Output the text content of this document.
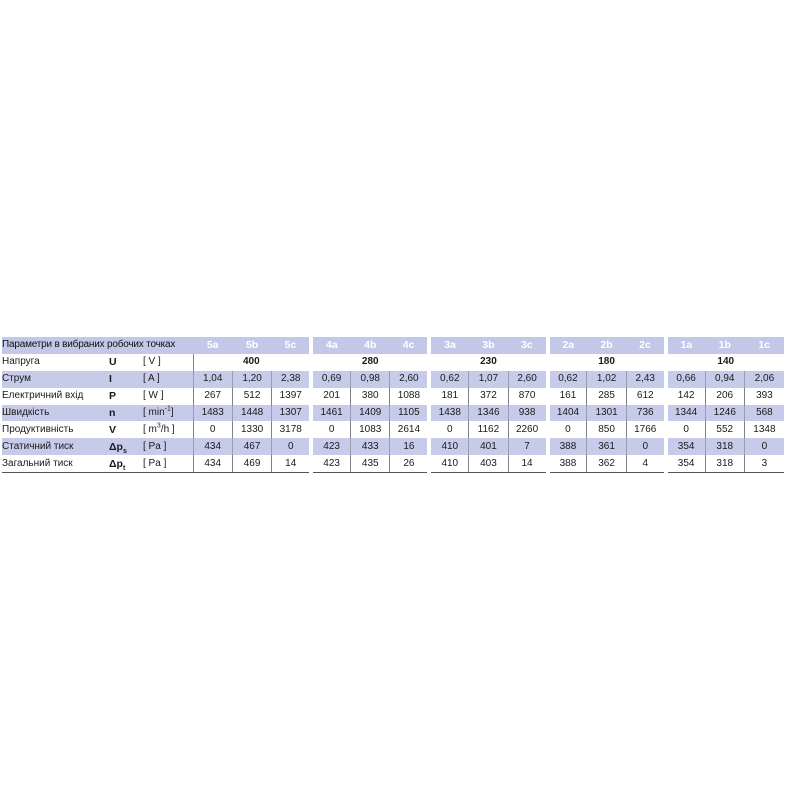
Параметри в вибраних робочих точках			5a	5b	5c	4a	4b	4c	3a	3b	3c	2a	2b	2c	1a	1b	1c
Напруга	U	[ V ]	400			280			230			180			140		
Струм	I	[ A ]	1,04	1,20	2,38	0,69	0,98	2,60	0,62	1,07	2,60	0,62	1,02	2,43	0,66	0,94	2,06
Електричний вхід	P	[ W ]	267	512	1397	201	380	1088	181	372	870	161	285	612	142	206	393
Швидкість	n	[ $\min^{-1}$]	1483	1448	1307	1461	1409	1105	1438	1346	938	1404	1301	736	1344	1246	568
Продуктивність	V	[ $m^3/h$ ]	0	1330	3178	0	1083	2614	0	1162	2260	0	850	1766	0	552	1348
Статичний тиск	$\Delta p_s$	[ Pa ]	434	467	0	423	433	16	410	401	7	388	361	0	354	318	0
Загальний тиск	$\Delta p_t$	[ Pa ]	434	469	14	423	435	26	410	403	14	388	362	4	354	318	3
